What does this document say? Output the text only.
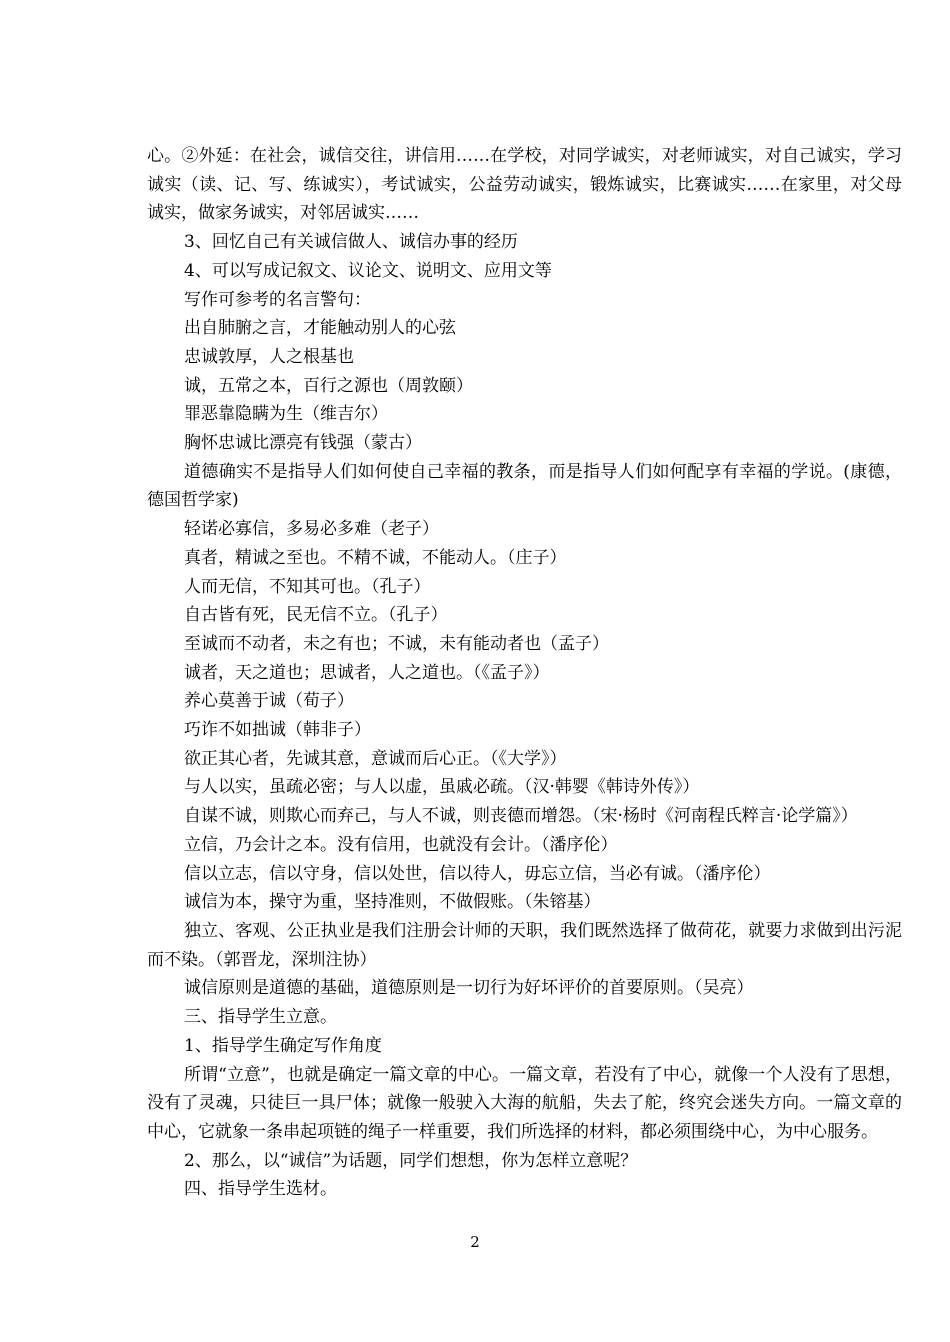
心。②外延：在社会，诚信交往，讲信用……在学校，对同学诚实，对老师诚实，对自己诚实，学习诚实（读、记、写、练诚实），考试诚实，公益劳动诚实，锻炼诚实，比赛诚实……在家里，对父母诚实，做家务诚实，对邻居诚实……

3、回忆自己有关诚信做人、诚信办事的经历

4、可以写成记叙文、议论文、说明文、应用文等

写作可参考的名言警句：

出自肺腑之言，才能触动别人的心弦

忠诚敦厚，人之根基也

诚，五常之本，百行之源也（周敦颐）

罪恶靠隐瞒为生（维吉尔）

胸怀忠诚比漂亮有钱强（蒙古）

道德确实不是指导人们如何使自己幸福的教条，而是指导人们如何配享有幸福的学说。(康德，德国哲学家)

轻诺必寡信，多易必多难（老子）

真者，精诚之至也。不精不诚，不能动人。（庄子）

人而无信，不知其可也。（孔子）

自古皆有死，民无信不立。（孔子）

至诚而不动者，未之有也；不诚，未有能动者也（孟子）

诚者，天之道也；思诚者，人之道也。（《孟子》）

养心莫善于诚（荀子）

巧诈不如拙诚（韩非子）

欲正其心者，先诚其意，意诚而后心正。（《大学》）

与人以实，虽疏必密；与人以虚，虽戚必疏。（汉·韩婴《韩诗外传》）

自谋不诚，则欺心而弃己，与人不诚，则丧德而增怨。（宋·杨时《河南程氏粹言·论学篇》）

立信，乃会计之本。没有信用，也就没有会计。（潘序伦）

信以立志，信以守身，信以处世，信以待人，毋忘立信，当必有诚。（潘序伦）

诚信为本，操守为重，坚持准则，不做假账。（朱镕基）

独立、客观、公正执业是我们注册会计师的天职，我们既然选择了做荷花，就要力求做到出污泥而不染。（郭晋龙，深圳注协）

诚信原则是道德的基础，道德原则是一切行为好坏评价的首要原则。（吴亮）

三、指导学生立意。

1、指导学生确定写作角度

所谓“立意”，也就是确定一篇文章的中心。一篇文章，若没有了中心，就像一个人没有了思想，没有了灵魂，只徒巨一具尸体；就像一般驶入大海的航船，失去了舵，终究会迷失方向。一篇文章的中心，它就象一条串起项链的绳子一样重要，我们所选择的材料，都必须围绕中心，为中心服务。

2、那么，以“诚信”为话题，同学们想想，你为怎样立意呢？

四、指导学生选材。

2
